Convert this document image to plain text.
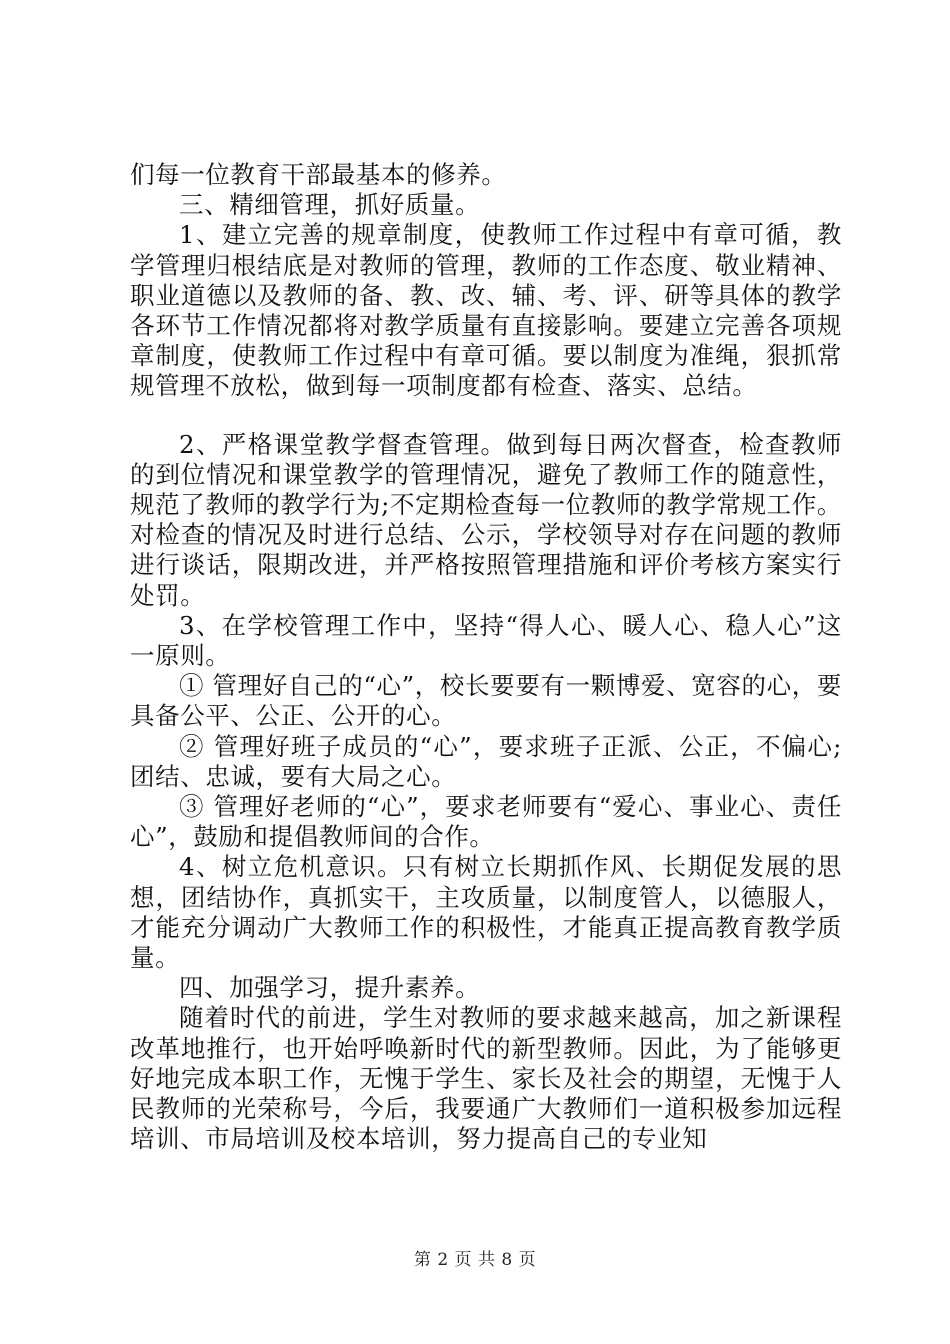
们每一位教育干部最基本的修养。

三、精细管理，抓好质量。

1、建立完善的规章制度，使教师工作过程中有章可循，教学管理归根结底是对教师的管理，教师的工作态度、敬业精神、职业道德以及教师的备、教、改、辅、考、评、研等具体的教学各环节工作情况都将对教学质量有直接影响。要建立完善各项规章制度，使教师工作过程中有章可循。要以制度为准绳，狠抓常规管理不放松，做到每一项制度都有检查、落实、总结。

2、严格课堂教学督查管理。做到每日两次督查，检查教师的到位情况和课堂教学的管理情况，避免了教师工作的随意性，规范了教师的教学行为;不定期检查每一位教师的教学常规工作。对检查的情况及时进行总结、公示，学校领导对存在问题的教师进行谈话，限期改进，并严格按照管理措施和评价考核方案实行处罚。

3、在学校管理工作中，坚持“得人心、暖人心、稳人心”这一原则。

① 管理好自己的“心”，校长要要有一颗博爱、宽容的心，要具备公平、公正、公开的心。

② 管理好班子成员的“心”，要求班子正派、公正，不偏心;团结、忠诚，要有大局之心。

③ 管理好老师的“心”，要求老师要有“爱心、事业心、责任心”，鼓励和提倡教师间的合作。

4、树立危机意识。只有树立长期抓作风、长期促发展的思想，团结协作，真抓实干，主攻质量，以制度管人，以德服人，才能充分调动广大教师工作的积极性，才能真正提高教育教学质量。

四、加强学习，提升素养。

随着时代的前进，学生对教师的要求越来越高，加之新课程改革地推行，也开始呼唤新时代的新型教师。因此，为了能够更好地完成本职工作，无愧于学生、家长及社会的期望，无愧于人民教师的光荣称号，今后，我要通广大教师们一道积极参加远程培训、市局培训及校本培训，努力提高自己的专业知

第 2 页 共 8 页
